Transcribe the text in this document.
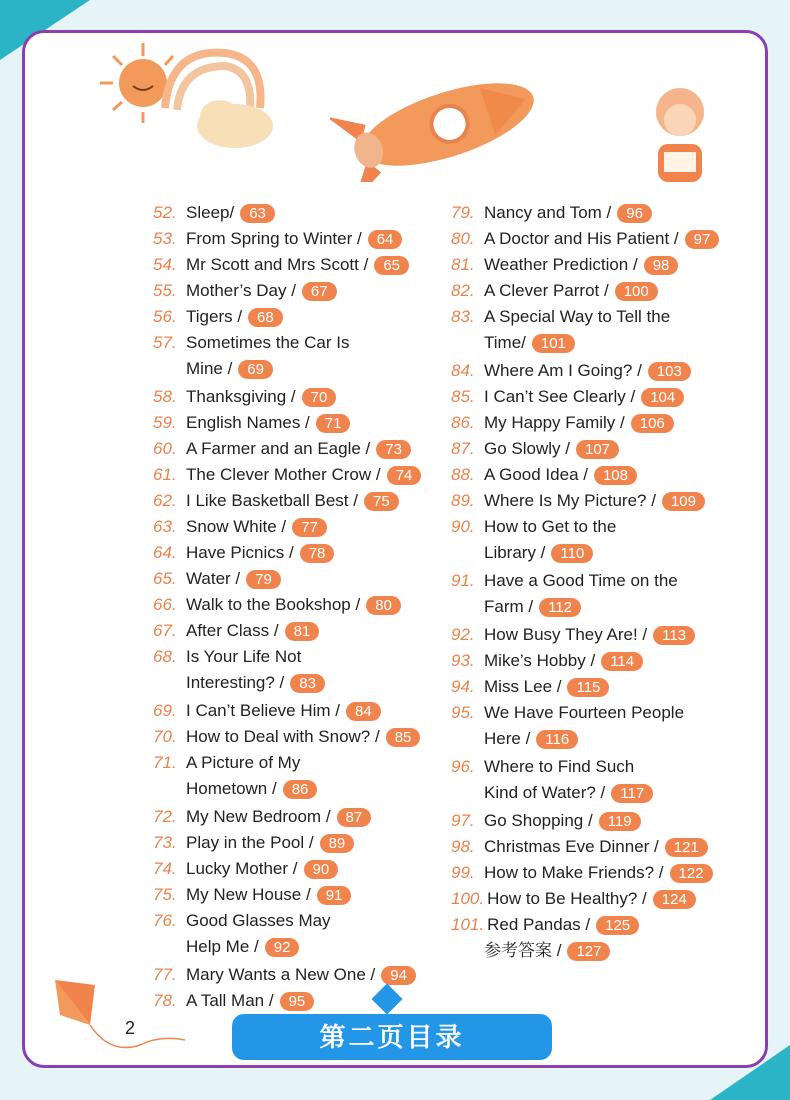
52. Sleep/ 63
53. From Spring to Winter / 64
54. Mr Scott and Mrs Scott / 65
55. Mother’s Day / 67
56. Tigers / 68
57. Sometimes the Car Is
Mine / 69
58. Thanksgiving / 70
59. English Names / 71
60. A Farmer and an Eagle / 73
61. The Clever Mother Crow / 74
62. I Like Basketball Best / 75
63. Snow White / 77
64. Have Picnics / 78
65. Water / 79
66. Walk to the Bookshop / 80
67. After Class / 81
68. Is Your Life Not
Interesting? / 83
69. I Can’t Believe Him / 84
70. How to Deal with Snow? / 85
71. A Picture of My
Hometown / 86
72. My New Bedroom / 87
73. Play in the Pool / 89
74. Lucky Mother / 90
75. My New House / 91
76. Good Glasses May
Help Me / 92
77. Mary Wants a New One / 94
78. A Tall Man / 95
79. Nancy and Tom / 96
80. A Doctor and His Patient / 97
81. Weather Prediction / 98
82. A Clever Parrot / 100
83. A Special Way to Tell the
Time/ 101
84. Where Am I Going? / 103
85. I Can’t See Clearly / 104
86. My Happy Family / 106
87. Go Slowly / 107
88. A Good Idea / 108
89. Where Is My Picture? / 109
90. How to Get to the
Library / 110
91. Have a Good Time on the
Farm / 112
92. How Busy They Are! / 113
93. Mike’s Hobby / 114
94. Miss Lee / 115
95. We Have Fourteen People
Here / 116
96. Where to Find Such
Kind of Water? / 117
97. Go Shopping / 119
98. Christmas Eve Dinner / 121
99. How to Make Friends? / 122
100. How to Be Healthy? / 124
101. Red Pandas / 125
参考答案 / 127
2	第二页目录
